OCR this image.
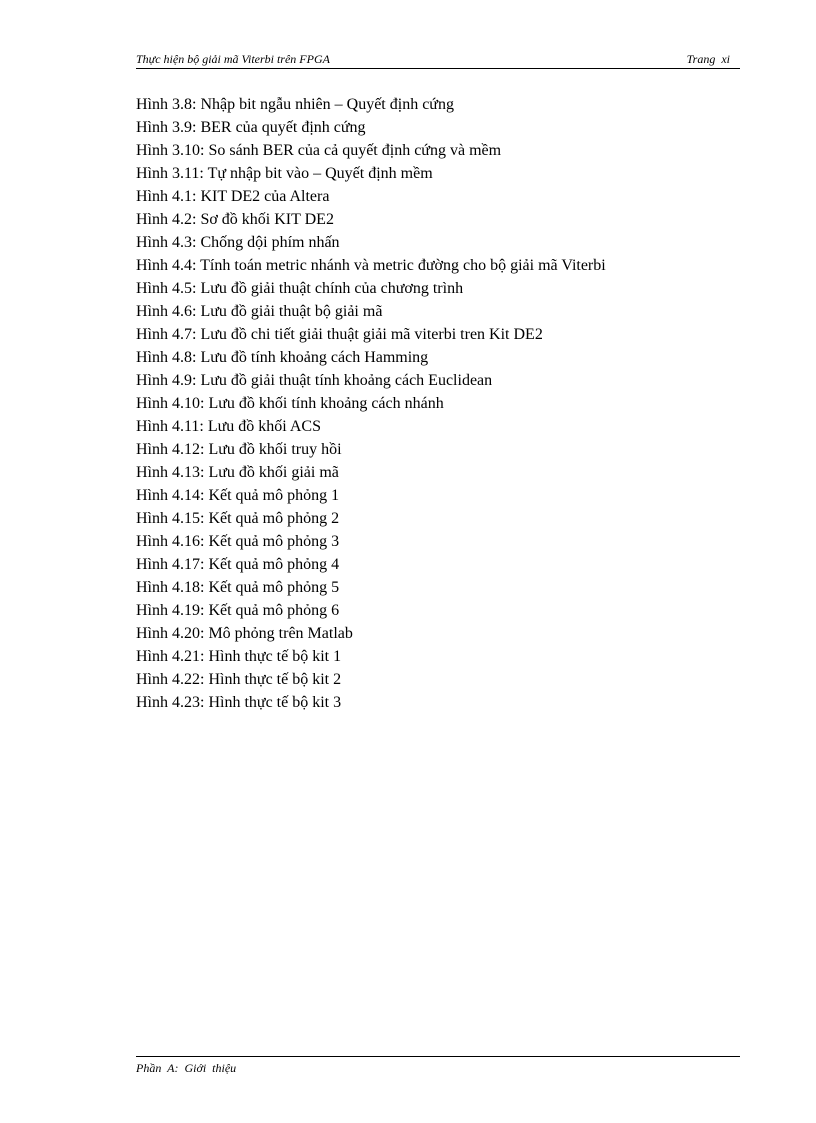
Thực hiện bộ giải mã Viterbi trên FPGA	Trang xi
Hình 3.8: Nhập bit ngẫu nhiên – Quyết định cứng
Hình 3.9: BER của quyết định cứng
Hình 3.10: So sánh BER của cả quyết định cứng và mềm
Hình 3.11: Tự nhập bit vào – Quyết định mềm
Hình 4.1: KIT DE2 của Altera
Hình 4.2: Sơ đồ khối KIT DE2
Hình 4.3: Chống dội phím nhấn
Hình 4.4: Tính toán metric nhánh và metric đường cho bộ giải mã Viterbi
Hình 4.5: Lưu đồ giải thuật chính của chương trình
Hình 4.6: Lưu đồ giải thuật bộ giải mã
Hình 4.7: Lưu đồ chi tiết giải thuật giải mã viterbi tren Kit DE2
Hình 4.8: Lưu đồ tính khoảng cách Hamming
Hình 4.9: Lưu đồ giải thuật tính khoảng cách Euclidean
Hình 4.10: Lưu đồ khối tính khoảng cách nhánh
Hình 4.11: Lưu đồ khối ACS
Hình 4.12: Lưu đồ khối truy hồi
Hình 4.13: Lưu đồ khối giải mã
Hình 4.14: Kết quả mô phỏng 1
Hình 4.15: Kết quả mô phỏng 2
Hình 4.16: Kết quả mô phỏng 3
Hình 4.17: Kết quả mô phỏng 4
Hình 4.18: Kết quả mô phỏng 5
Hình 4.19: Kết quả mô phỏng 6
Hình 4.20: Mô phỏng trên Matlab
Hình 4.21: Hình thực tế bộ kit 1
Hình 4.22: Hình thực tế bộ kit 2
Hình 4.23: Hình thực tế bộ kit 3
Phần A: Giới thiệu
